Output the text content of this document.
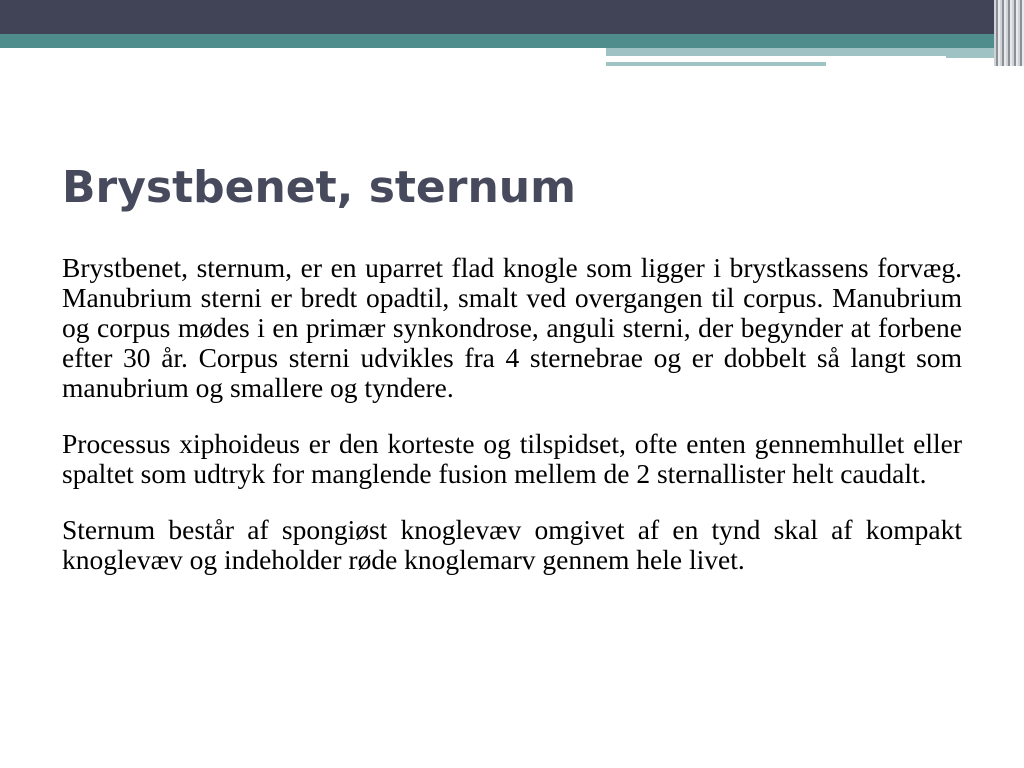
Brystbenet, sternum

Brystbenet, sternum, er en uparret flad knogle som ligger i brystkassens forvæg. Manubrium sterni er bredt opadtil, smalt ved overgangen til corpus. Manubrium og corpus mødes i en primær synkondrose, anguli sterni, der begynder at forbene efter 30 år. Corpus sterni udvikles fra 4 sternebrae og er dobbelt så langt som manubrium og smallere og tyndere.

Processus xiphoideus er den korteste og tilspidset, ofte enten gennemhullet eller spaltet som udtryk for manglende fusion mellem de 2 sternallister helt caudalt.

Sternum består af spongiøst knoglevæv omgivet af en tynd skal af kompakt knoglevæv og indeholder røde knoglemarv gennem hele livet.
